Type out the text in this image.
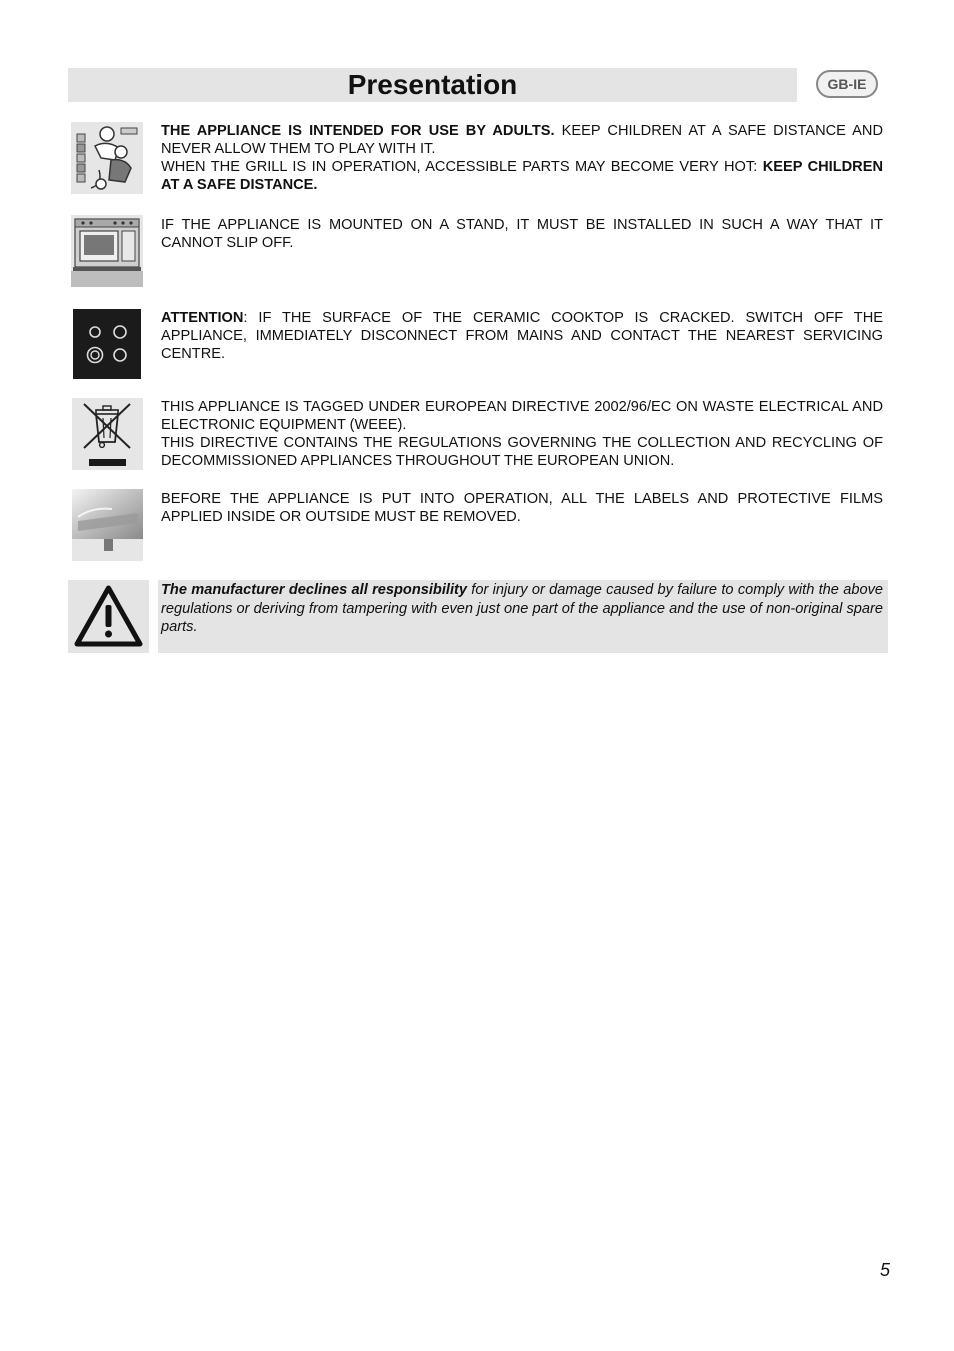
Presentation	GB-IE

THE APPLIANCE IS INTENDED FOR USE BY ADULTS. KEEP CHILDREN AT A SAFE DISTANCE AND NEVER ALLOW THEM TO PLAY WITH IT.

WHEN THE GRILL IS IN OPERATION, ACCESSIBLE PARTS MAY BECOME VERY HOT: KEEP CHILDREN AT A SAFE DISTANCE.

IF THE APPLIANCE IS MOUNTED ON A STAND, IT MUST BE INSTALLED IN SUCH A WAY THAT IT CANNOT SLIP OFF.

ATTENTION: IF THE SURFACE OF THE CERAMIC COOKTOP IS CRACKED. SWITCH OFF THE APPLIANCE, IMMEDIATELY DISCONNECT FROM MAINS AND CONTACT THE NEAREST SERVICING CENTRE.

THIS APPLIANCE IS TAGGED UNDER EUROPEAN DIRECTIVE 2002/96/EC ON WASTE ELECTRICAL AND ELECTRONIC EQUIPMENT (WEEE).

THIS DIRECTIVE CONTAINS THE REGULATIONS GOVERNING THE COLLECTION AND RECYCLING OF DECOMMISSIONED APPLIANCES THROUGHOUT THE EUROPEAN UNION.

BEFORE THE APPLIANCE IS PUT INTO OPERATION, ALL THE LABELS AND PROTECTIVE FILMS APPLIED INSIDE OR OUTSIDE MUST BE REMOVED.

The manufacturer declines all responsibility for injury or damage caused by failure to comply with the above regulations or deriving from tampering with even just one part of the appliance and the use of non-original spare parts.

5
